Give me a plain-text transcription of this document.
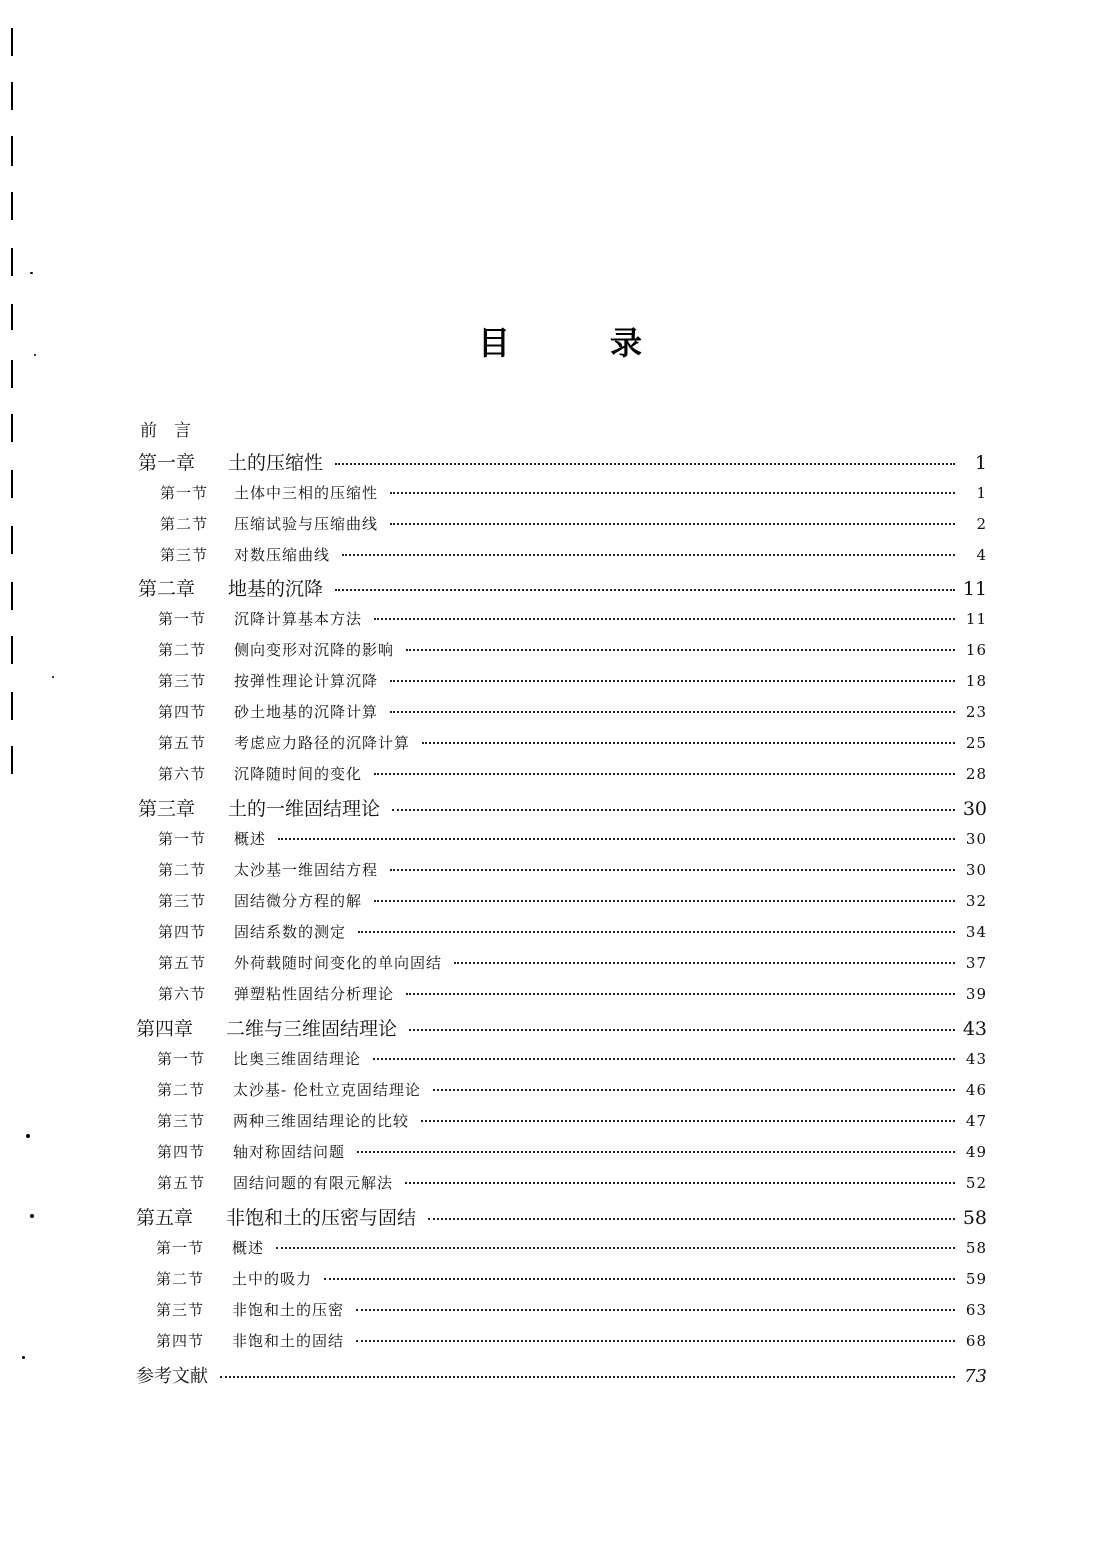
目	录
前　言
第一章	土的压缩性	1
第一节	土体中三相的压缩性	1
第二节	压缩试验与压缩曲线	2
第三节	对数压缩曲线	4
第二章	地基的沉降	11
第一节	沉降计算基本方法	11
第二节	侧向变形对沉降的影响	16
第三节	按弹性理论计算沉降	18
第四节	砂土地基的沉降计算	23
第五节	考虑应力路径的沉降计算	25
第六节	沉降随时间的变化	28
第三章	土的一维固结理论	30
第一节	概述	30
第二节	太沙基一维固结方程	30
第三节	固结微分方程的解	32
第四节	固结系数的测定	34
第五节	外荷载随时间变化的单向固结	37
第六节	弹塑粘性固结分析理论	39
第四章	二维与三维固结理论	43
第一节	比奥三维固结理论	43
第二节	太沙基- 伦杜立克固结理论	46
第三节	两种三维固结理论的比较	47
第四节	轴对称固结问题	49
第五节	固结问题的有限元解法	52
第五章	非饱和土的压密与固结	58
第一节	概述	58
第二节	土中的吸力	59
第三节	非饱和土的压密	63
第四节	非饱和土的固结	68
参考文献	73
